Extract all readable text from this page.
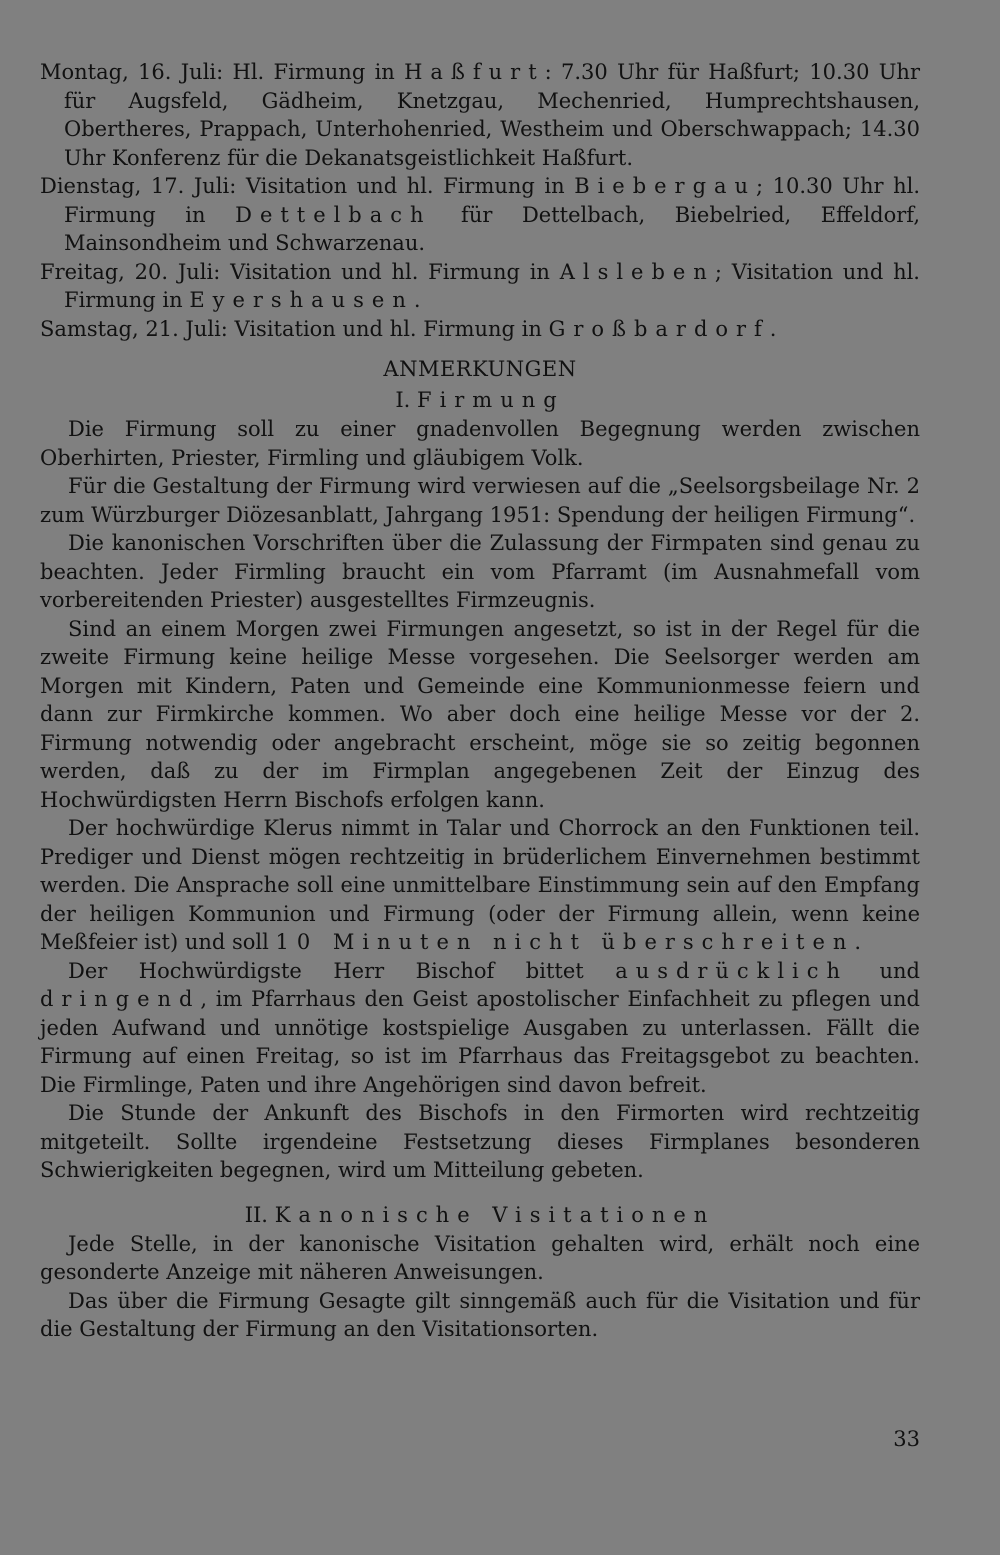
Montag, 16. Juli: Hl. Firmung in Haßfurt: 7.30 Uhr für Haßfurt; 10.30 Uhr für Augsfeld, Gädheim, Knetzgau, Mechenried, Humprechtshausen, Obertheres, Prappach, Unterhohenried, Westheim und Oberschwappach; 14.30 Uhr Konferenz für die Dekanatsgeistlichkeit Haßfurt.

Dienstag, 17. Juli: Visitation und hl. Firmung in Biebergau; 10.30 Uhr hl. Firmung in Dettelbach für Dettelbach, Biebelried, Effeldorf, Mainsondheim und Schwarzenau.

Freitag, 20. Juli: Visitation und hl. Firmung in Alsleben; Visitation und hl. Firmung in Eyershausen.

Samstag, 21. Juli: Visitation und hl. Firmung in Großbardorf.

ANMERKUNGEN

I. Firmung

Die Firmung soll zu einer gnadenvollen Begegnung werden zwischen Oberhirten, Priester, Firmling und gläubigem Volk.

Für die Gestaltung der Firmung wird verwiesen auf die „Seelsorgsbeilage Nr. 2 zum Würzburger Diözesanblatt, Jahrgang 1951: Spendung der heiligen Firmung“.

Die kanonischen Vorschriften über die Zulassung der Firmpaten sind genau zu beachten. Jeder Firmling braucht ein vom Pfarramt (im Ausnahmefall vom vorbereitenden Priester) ausgestelltes Firmzeugnis.

Sind an einem Morgen zwei Firmungen angesetzt, so ist in der Regel für die zweite Firmung keine heilige Messe vorgesehen. Die Seelsorger werden am Morgen mit Kindern, Paten und Gemeinde eine Kommunionmesse feiern und dann zur Firmkirche kommen. Wo aber doch eine heilige Messe vor der 2. Firmung notwendig oder angebracht erscheint, möge sie so zeitig begonnen werden, daß zu der im Firmplan angegebenen Zeit der Einzug des Hochwürdigsten Herrn Bischofs erfolgen kann.

Der hochwürdige Klerus nimmt in Talar und Chorrock an den Funktionen teil. Prediger und Dienst mögen rechtzeitig in brüderlichem Einvernehmen bestimmt werden. Die Ansprache soll eine unmittelbare Einstimmung sein auf den Empfang der heiligen Kommunion und Firmung (oder der Firmung allein, wenn keine Meßfeier ist) und soll 10 Minuten nicht überschreiten.

Der Hochwürdigste Herr Bischof bittet ausdrücklich und dringend, im Pfarrhaus den Geist apostolischer Einfachheit zu pflegen und jeden Aufwand und unnötige kostspielige Ausgaben zu unterlassen. Fällt die Firmung auf einen Freitag, so ist im Pfarrhaus das Freitagsgebot zu beachten. Die Firmlinge, Paten und ihre Angehörigen sind davon befreit.

Die Stunde der Ankunft des Bischofs in den Firmorten wird rechtzeitig mitgeteilt. Sollte irgendeine Festsetzung dieses Firmplanes besonderen Schwierigkeiten begegnen, wird um Mitteilung gebeten.

II. Kanonische Visitationen

Jede Stelle, in der kanonische Visitation gehalten wird, erhält noch eine gesonderte Anzeige mit näheren Anweisungen.

Das über die Firmung Gesagte gilt sinngemäß auch für die Visitation und für die Gestaltung der Firmung an den Visitationsorten.

33
